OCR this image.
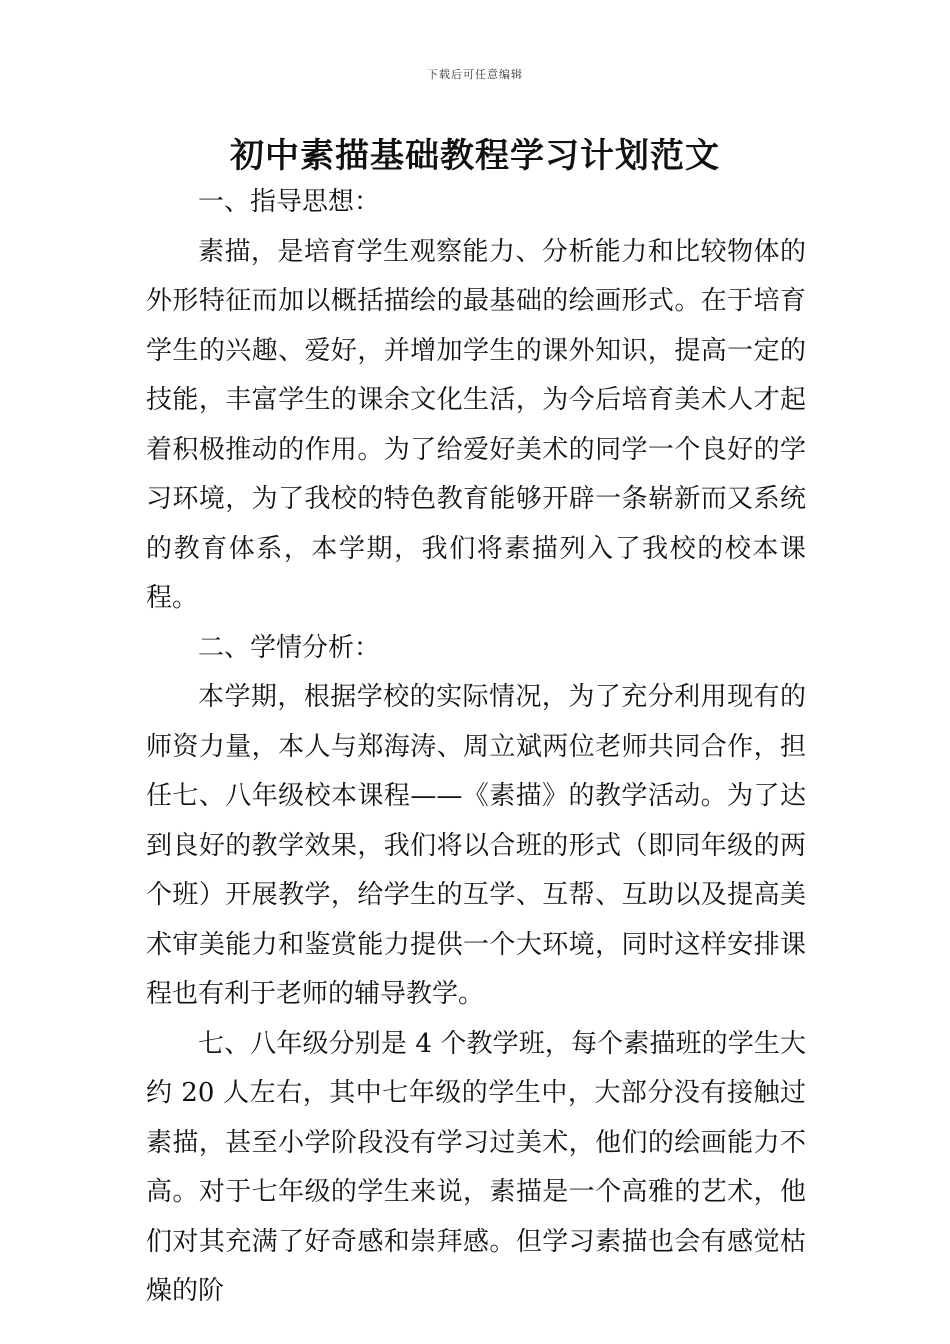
下载后可任意编辑
初中素描基础教程学习计划范文

一、指导思想：

素描，是培育学生观察能力、分析能力和比较物体的外形特征而加以概括描绘的最基础的绘画形式。在于培育学生的兴趣、爱好，并增加学生的课外知识，提高一定的技能，丰富学生的课余文化生活，为今后培育美术人才起着积极推动的作用。为了给爱好美术的同学一个良好的学习环境，为了我校的特色教育能够开辟一条崭新而又系统的教育体系，本学期，我们将素描列入了我校的校本课程。

二、学情分析：

本学期，根据学校的实际情况，为了充分利用现有的师资力量，本人与郑海涛、周立斌两位老师共同合作，担任七、八年级校本课程——《素描》的教学活动。为了达到良好的教学效果，我们将以合班的形式（即同年级的两个班）开展教学，给学生的互学、互帮、互助以及提高美术审美能力和鉴赏能力提供一个大环境，同时这样安排课程也有利于老师的辅导教学。

七、八年级分别是 4 个教学班，每个素描班的学生大约 20 人左右，其中七年级的学生中，大部分没有接触过素描，甚至小学阶段没有学习过美术，他们的绘画能力不高。对于七年级的学生来说，素描是一个高雅的艺术，他们对其充满了好奇感和崇拜感。但学习素描也会有感觉枯燥的阶
